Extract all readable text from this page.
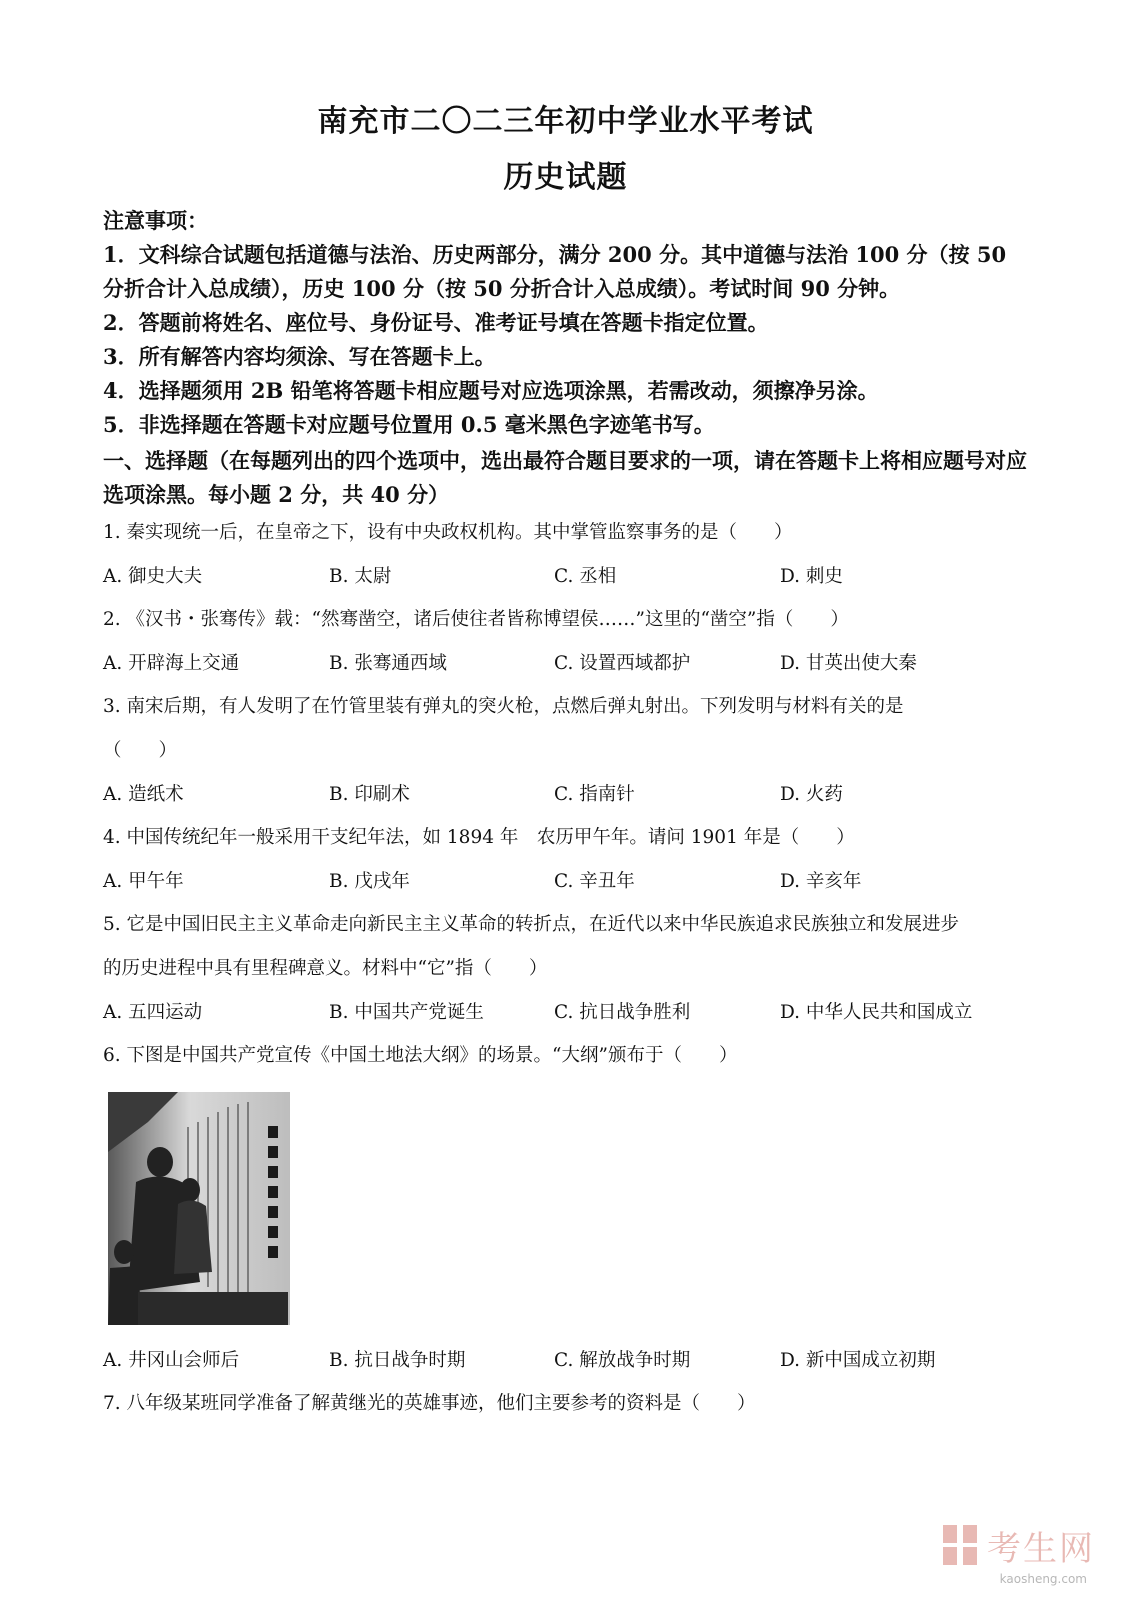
南充市二〇二三年初中学业水平考试
历史试题

注意事项：

1．文科综合试题包括道德与法治、历史两部分，满分 200 分。其中道德与法治 100 分（按 50 分折合计入总成绩），历史 100 分（按 50 分折合计入总成绩）。考试时间 90 分钟。

2．答题前将姓名、座位号、身份证号、准考证号填在答题卡指定位置。

3．所有解答内容均须涂、写在答题卡上。

4．选择题须用 2B 铅笔将答题卡相应题号对应选项涂黑，若需改动，须擦净另涂。

5．非选择题在答题卡对应题号位置用 0.5 毫米黑色字迹笔书写。

一、选择题（在每题列出的四个选项中，选出最符合题目要求的一项，请在答题卡上将相应题号对应选项涂黑。每小题 2 分，共 40 分）
1. 秦实现统一后，在皇帝之下，设有中央政权机构。其中掌管监察事务的是（　　）
A. 御史大夫	B. 太尉	C. 丞相	D. 刺史
2. 《汉书・张骞传》载：“然骞凿空，诸后使往者皆称博望侯……”这里的“凿空”指（　　）
A. 开辟海上交通	B. 张骞通西域	C. 设置西域都护	D. 甘英出使大秦
3. 南宋后期，有人发明了在竹管里装有弹丸的突火枪，点燃后弹丸射出。下列发明与材料有关的是
（　　）
A. 造纸术	B. 印刷术	C. 指南针	D. 火药
4. 中国传统纪年一般采用干支纪年法，如 1894 年　农历甲午年。请问 1901 年是（　　）
A. 甲午年	B. 戊戌年	C. 辛丑年	D. 辛亥年
5. 它是中国旧民主主义革命走向新民主主义革命的转折点，在近代以来中华民族追求民族独立和发展进步
的历史进程中具有里程碑意义。材料中“它”指（　　）
A. 五四运动	B. 中国共产党诞生	C. 抗日战争胜利	D. 中华人民共和国成立
6. 下图是中国共产党宣传《中国土地法大纲》的场景。“大纲”颁布于（　　）
A. 井冈山会师后	B. 抗日战争时期	C. 解放战争时期	D. 新中国成立初期
7. 八年级某班同学准备了解黄继光的英雄事迹，他们主要参考的资料是（　　）
考生网
kaosheng.com
